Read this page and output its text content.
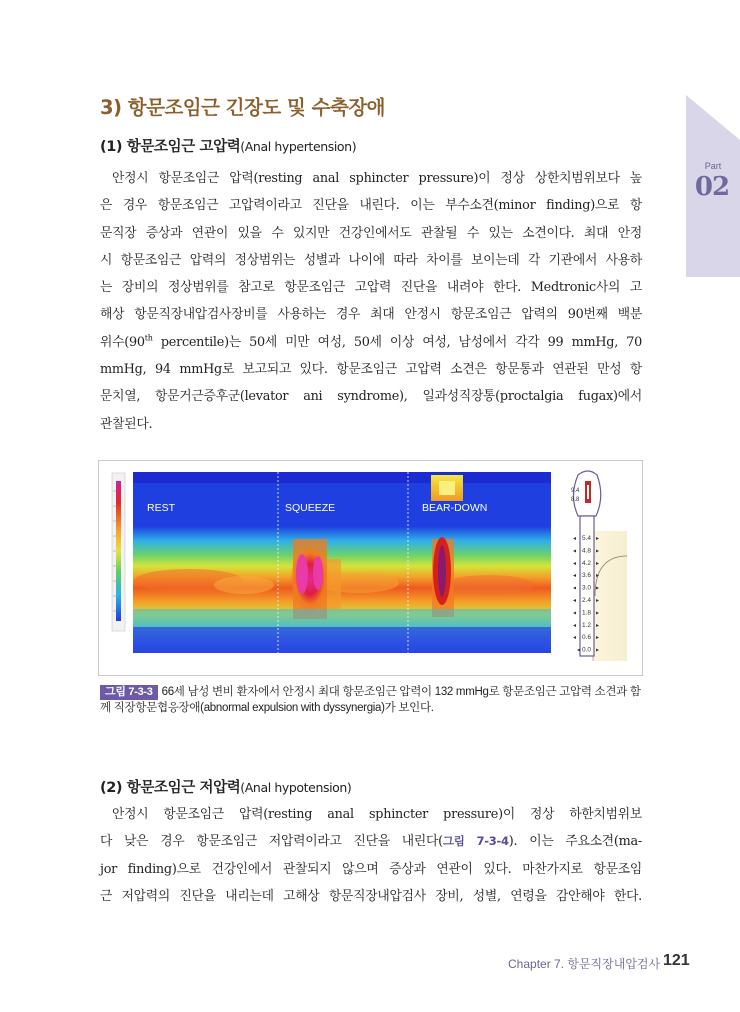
Part
02
3) 항문조임근 긴장도 및 수축장애
(1) 항문조임근 고압력(Anal hypertension)
안정시 항문조임근 압력(resting anal sphincter pressure)이 정상 상한치범위보다 높
은 경우 항문조임근 고압력이라고 진단을 내린다. 이는 부수소견(minor finding)으로 항
문직장 증상과 연관이 있을 수 있지만 건강인에서도 관찰될 수 있는 소견이다. 최대 안정
시 항문조임근 압력의 정상범위는 성별과 나이에 따라 차이를 보이는데 각 기관에서 사용하
는 장비의 정상범위를 참고로 항문조임근 고압력 진단을 내려야 한다. Medtronic사의 고
해상 항문직장내압검사장비를 사용하는 경우 최대 안정시 항문조임근 압력의 90번째 백분
위수(90th percentile)는 50세 미만 여성, 50세 이상 여성, 남성에서 각각 99 mmHg, 70
mmHg, 94 mmHg로 보고되고 있다. 항문조임근 고압력 소견은 항문통과 연관된 만성 항
문치열, 항문거근증후군(levator ani syndrome), 일과성직장통(proctalgia fugax)에서
관찰된다.
REST	SQUEEZE	BEAR-DOWN
9.4
8.8
◂ 5.4 ▸
◂ 4.8 ▸
◂ 4.2 ▸
◂ 3.6 ▸
◂ 3.0 ▸
◂ 2.4 ▸
◂ 1.8 ▸
◂ 1.2 ▸
◂ 0.6 ▸
◂ 0.0 ▸
그림 7-3-3 66세 남성 변비 환자에서 안정시 최대 항문조임근 압력이 132 mmHg로 항문조임근 고압력 소견과 함께 직장항문협응장애(abnormal expulsion with dyssynergia)가 보인다.
(2) 항문조임근 저압력(Anal hypotension)
안정시 항문조임근 압력(resting anal sphincter pressure)이 정상 하한치범위보
다 낮은 경우 항문조임근 저압력이라고 진단을 내린다(그림 7-3-4). 이는 주요소견(ma-
jor finding)으로 건강인에서 관찰되지 않으며 증상과 연관이 있다. 마찬가지로 항문조임
근 저압력의 진단을 내리는데 고해상 항문직장내압검사 장비, 성별, 연령을 감안해야 한다.
Chapter 7. 항문직장내압검사 121
